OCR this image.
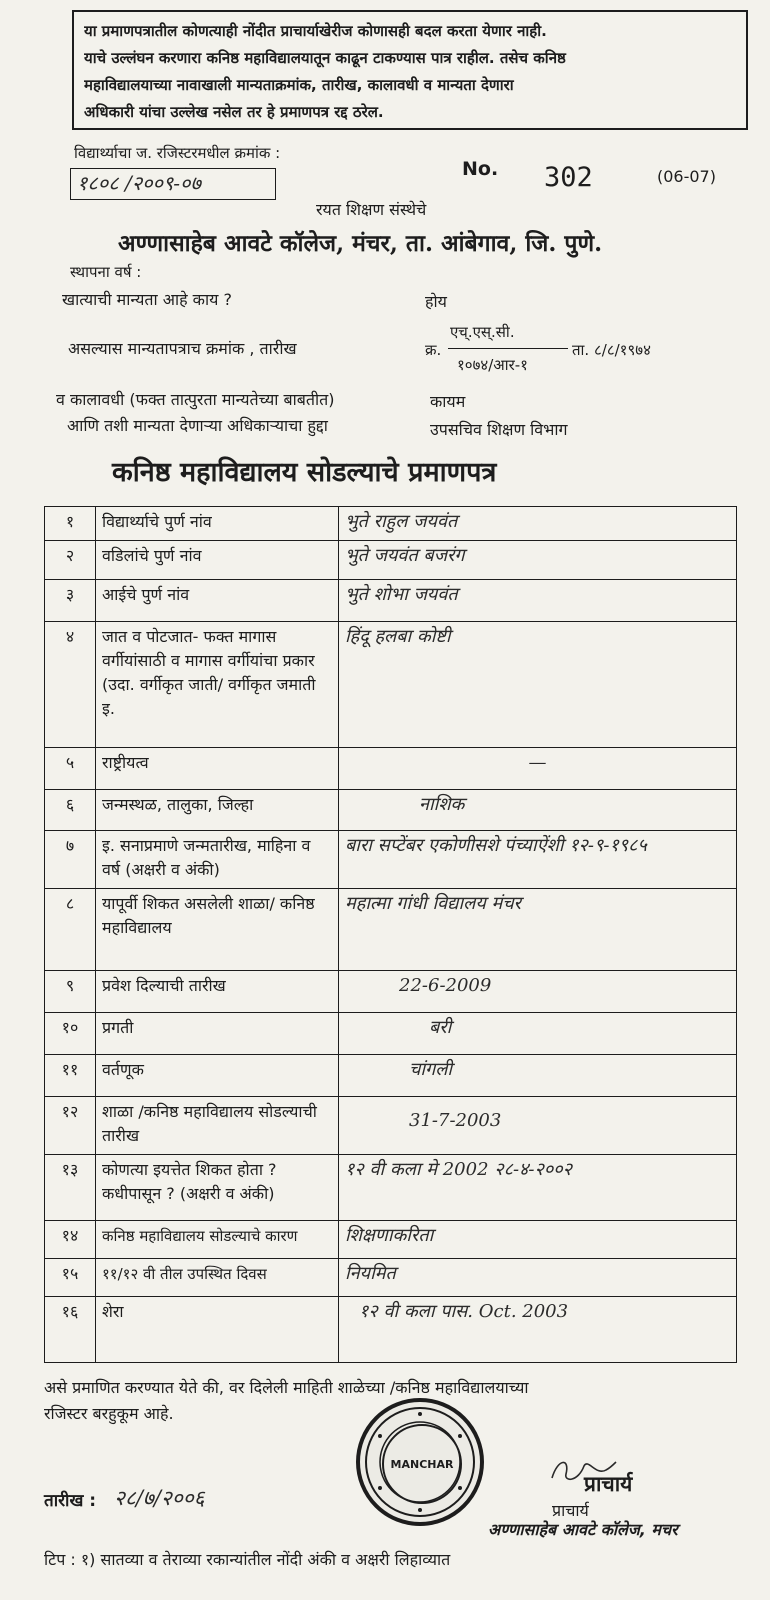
या प्रमाणपत्रातील कोणत्याही नोंदीत प्राचार्याखेरीज कोणासही बदल करता येणार नाही.
याचे उल्लंघन करणारा कनिष्ठ महाविद्यालयातून काढून टाकण्यास पात्र राहील. तसेच कनिष्ठ
महाविद्यालयाच्या नावाखाली मान्यताक्रमांक, तारीख, कालावधी व मान्यता देणारा
अधिकारी यांचा उल्लेख नसेल तर हे प्रमाणपत्र रद्द ठरेल.
विद्यार्थ्याचा ज. रजिस्टरमधील क्रमांक :
१८०८ /२००९-०७
No. 302	(06-07)
रयत शिक्षण संस्थेचे
अण्णासाहेब आवटे कॉलेज, मंचर, ता. आंबेगाव, जि. पुणे.
स्थापना वर्ष :
खात्याची मान्यता आहे काय ?	होय
असल्यास मान्यतापत्राच क्रमांक , तारीख	क्र.
एच्.एस्.सी.
ता. ८/८/१९७४
१०७४/आर-१
व कालावधी (फक्त तात्पुरता मान्यतेच्या बाबतीत)	कायम
आणि तशी मान्यता देणाऱ्या अधिकाऱ्याचा हुद्दा	उपसचिव शिक्षण विभाग
कनिष्ठ महाविद्यालय सोडल्याचे प्रमाणपत्र
१	विद्यार्थ्याचे पुर्ण नांव	भुते राहुल जयवंत
२	वडिलांचे पुर्ण नांव	भुते जयवंत बजरंग
३	आईचे पुर्ण नांव	भुते शोभा जयवंत
४	जात व पोटजात- फक्त मागास वर्गीयांसाठी व मागास वर्गीयांचा प्रकार (उदा. वर्गीकृत जाती/ वर्गीकृत जमाती इ.	हिंदू हलबा कोष्टी
५	राष्ट्रीयत्व	—
६	जन्मस्थळ, तालुका, जिल्हा	नाशिक
७	इ. सनाप्रमाणे जन्मतारीख, माहिना व वर्ष (अक्षरी व अंकी)	बारा सप्टेंबर एकोणीसशे पंच्याऐंशी १२-९-१९८५
८	यापूर्वी शिकत असलेली शाळा/ कनिष्ठ महाविद्यालय	महात्मा गांधी विद्यालय मंचर
९	प्रवेश दिल्याची तारीख	22-6-2009
१०	प्रगती	बरी
११	वर्तणूक	चांगली
१२	शाळा /कनिष्ठ महाविद्यालय सोडल्याची तारीख	31-7-2003
१३	कोणत्या इयत्तेत शिकत होता ? कधीपासून ? (अक्षरी व अंकी)	१२ वी कला मे 2002 २८-४-२००२
१४	कनिष्ठ महाविद्यालय सोडल्याचे कारण	शिक्षणाकरिता
१५	११/१२ वी तील उपस्थित दिवस	नियमित
१६	शेरा	१२ वी कला पास. Oct. 2003
असे प्रमाणित करण्यात येते की, वर दिलेली माहिती शाळेच्या /कनिष्ठ महाविद्यालयाच्या
रजिस्टर बरहुकूम आहे.
MANCHAR
प्राचार्य
प्राचार्य
अण्णासाहेब आवटे कॉलेज, मचर
तारीख : २८/७/२००६
टिप : १) सातव्या व तेराव्या रकान्यांतील नोंदी अंकी व अक्षरी लिहाव्यात
